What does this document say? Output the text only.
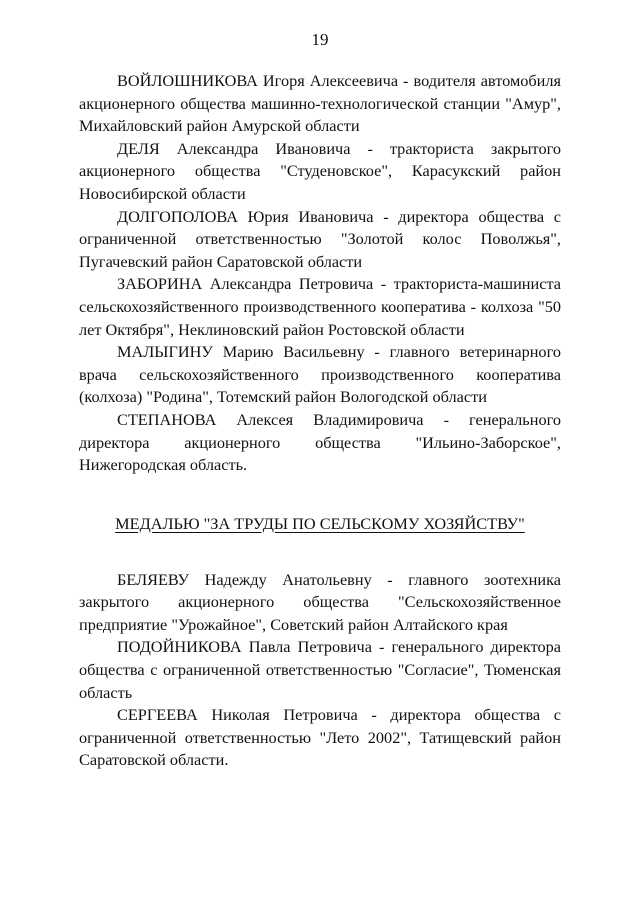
19

ВОЙЛОШНИКОВА Игоря Алексеевича - водителя автомобиля акционерного общества машинно-технологической станции "Амур", Михайловский район Амурской области

ДЕЛЯ Александра Ивановича - тракториста закрытого акционерного общества "Студеновское", Карасукский район Новосибирской области

ДОЛГОПОЛОВА Юрия Ивановича - директора общества с ограниченной ответственностью "Золотой колос Поволжья", Пугачевский район Саратовской области

ЗАБОРИНА Александра Петровича - тракториста-машиниста сельскохозяйственного производственного кооператива - колхоза "50 лет Октября", Неклиновский район Ростовской области

МАЛЫГИНУ Марию Васильевну - главного ветеринарного врача сельскохозяйственного производственного кооператива (колхоза) "Родина", Тотемский район Вологодской области

СТЕПАНОВА Алексея Владимировича - генерального директора акционерного общества "Ильино-Заборское", Нижегородская область.

МЕДАЛЬЮ "ЗА ТРУДЫ ПО СЕЛЬСКОМУ ХОЗЯЙСТВУ"

БЕЛЯЕВУ Надежду Анатольевну - главного зоотехника закрытого акционерного общества "Сельскохозяйственное предприятие "Урожайное", Советский район Алтайского края

ПОДОЙНИКОВА Павла Петровича - генерального директора общества с ограниченной ответственностью "Согласие", Тюменская область

СЕРГЕЕВА Николая Петровича - директора общества с ограниченной ответственностью "Лето 2002", Татищевский район Саратовской области.
